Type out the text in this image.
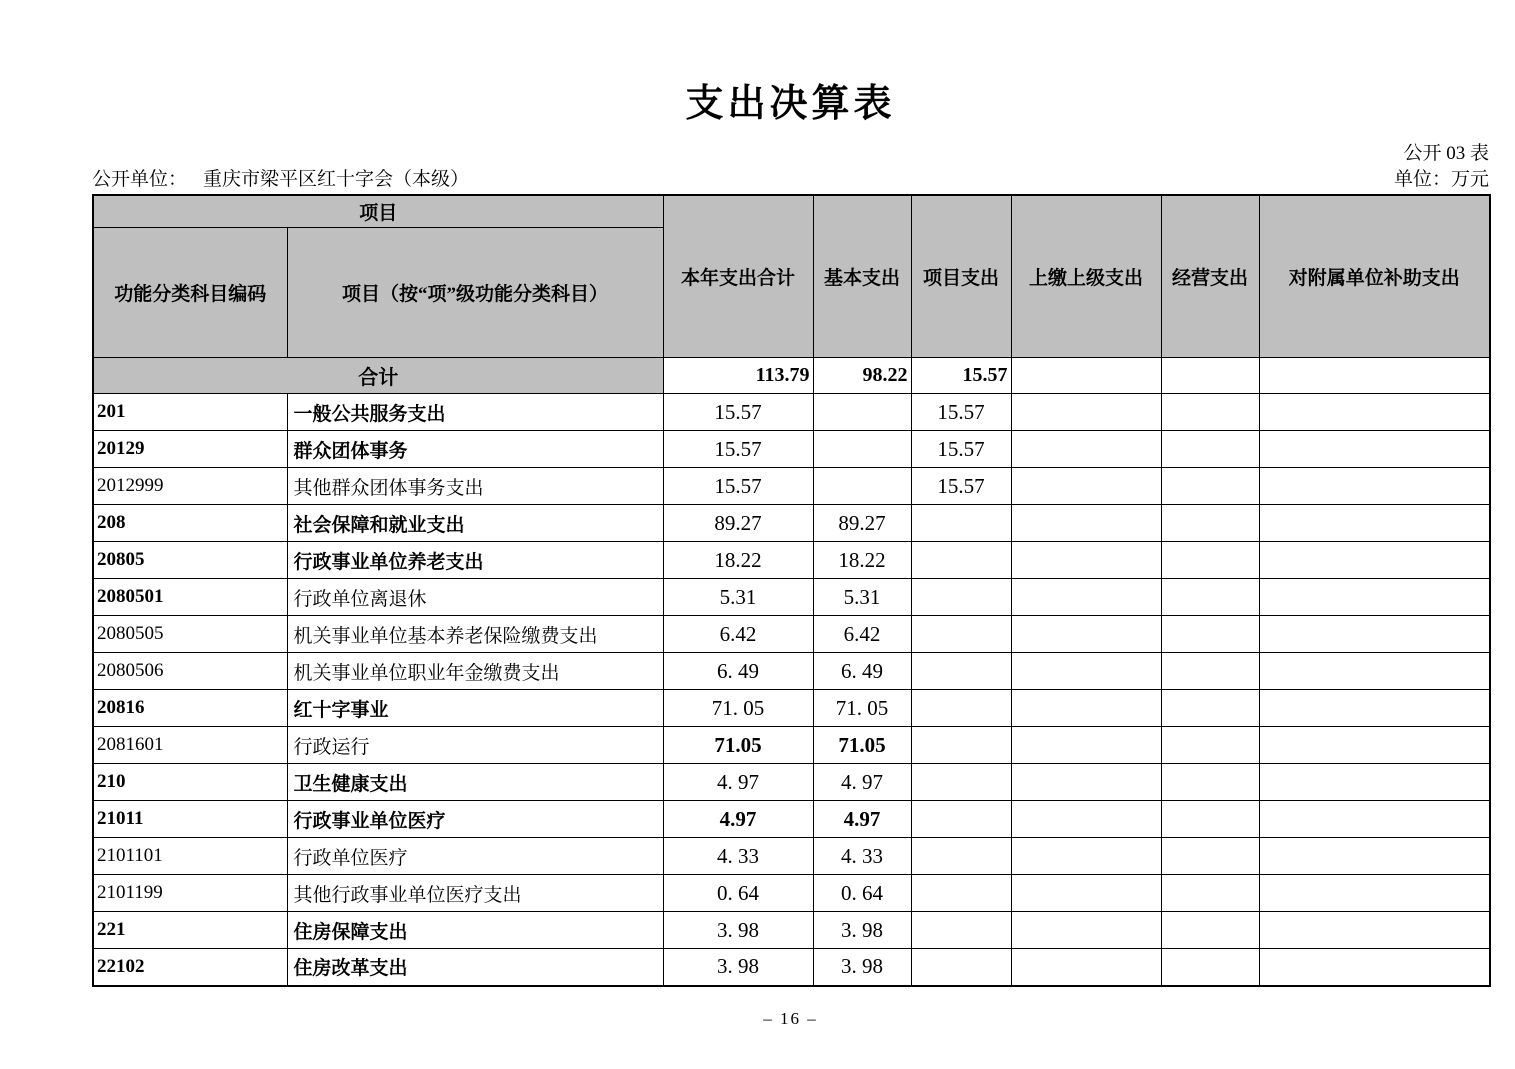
支出决算表
公开 03 表
公开单位： 重庆市梁平区红十字会（本级）	单位：万元
项目		本年支出合计	基本支出	项目支出	上缴上级支出	经营支出	对附属单位补助支出
功能分类科目编码	项目（按“项”级功能分类科目）						
合计		113.79	98.22	15.57			
201	一般公共服务支出	15.57		15.57			
20129	群众团体事务	15.57		15.57			
2012999	其他群众团体事务支出	15.57		15.57			
208	社会保障和就业支出	89.27	89.27				
20805	行政事业单位养老支出	18.22	18.22				
2080501	行政单位离退休	5.31	5.31				
2080505	机关事业单位基本养老保险缴费支出	6.42	6.42				
2080506	机关事业单位职业年金缴费支出	6. 49	6. 49				
20816	红十字事业	71. 05	71. 05				
2081601	行政运行	71.05	71.05				
210	卫生健康支出	4. 97	4. 97				
21011	行政事业单位医疗	4.97	4.97				
2101101	行政单位医疗	4. 33	4. 33				
2101199	其他行政事业单位医疗支出	0. 64	0. 64				
221	住房保障支出	3. 98	3. 98				
22102	住房改革支出	3. 98	3. 98				
– 16 –
